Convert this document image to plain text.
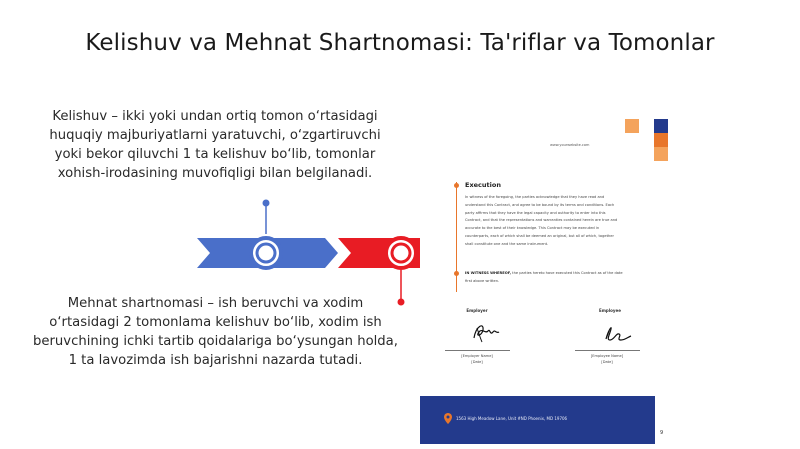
Kelishuv va Mehnat Shartnomasi: Ta'riflar va Tomonlar
Kelishuv – ikki yoki undan ortiq tomon o‘rtasidagi huquqiy majburiyatlarni yaratuvchi, o‘zgartiruvchi yoki bekor qiluvchi 1 ta kelishuv bo‘lib, tomonlar xohish-irodasining muvofiqligi bilan belgilanadi.
Mehnat shartnomasi – ish beruvchi va xodim o‘rtasidagi 2 tomonlama kelishuv bo‘lib, xodim ish beruvchining ichki tartib qoidalariga bo‘ysungan holda, 1 ta lavozimda ish bajarishni nazarda tutadi.
www.yourwebsite.com
Execution
In witness of the foregoing, the parties acknowledge that they have read and understand this Contract, and agree to be bound by its terms and conditions. Each party affirms that they have the legal capacity and authority to enter into this Contract, and that the representations and warranties contained herein are true and accurate to the best of their knowledge. This Contract may be executed in counterparts, each of which shall be deemed an original, but all of which, together shall constitute one and the same instrument.
IN WITNESS WHEREOF, the parties hereto have executed this Contract as of the date first above written.
Employer	Employee
[Employer Name]
[Date]
[Employee Name]
[Date]
1563 High Meadow Lane, Unit #ND Phoenix, MD 19706
9
